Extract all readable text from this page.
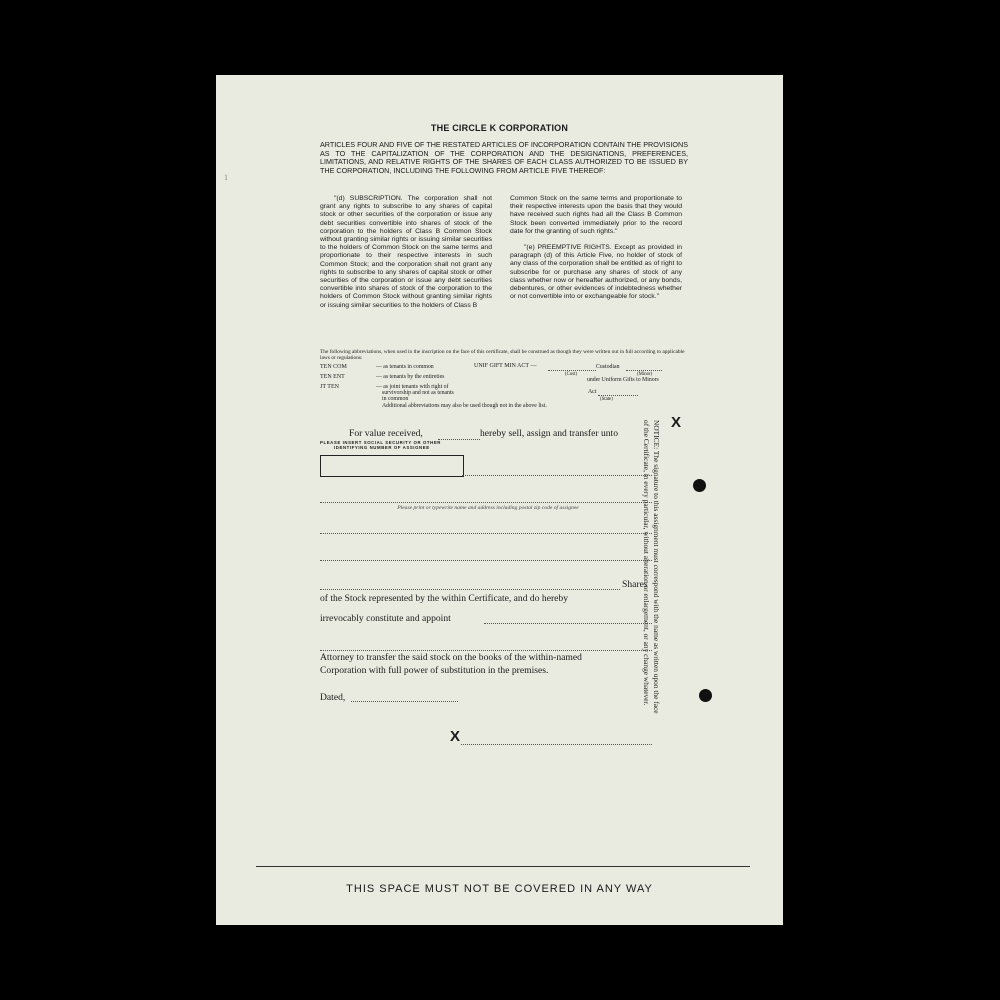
1
THE CIRCLE K CORPORATION
ARTICLES FOUR AND FIVE OF THE RESTATED ARTICLES OF INCORPORATION CONTAIN THE PROVISIONS AS TO THE CAPITALIZATION OF THE CORPORATION AND THE DESIGNATIONS, PREFERENCES, LIMITATIONS, AND RELATIVE RIGHTS OF THE SHARES OF EACH CLASS AUTHORIZED TO BE ISSUED BY THE CORPORATION, INCLUDING THE FOLLOWING FROM ARTICLE FIVE THEREOF:

"(d) SUBSCRIPTION. The corporation shall not grant any rights to subscribe to any shares of capital stock or other securities of the corporation or issue any debt securities convertible into shares of stock of the corporation to the holders of Class B Common Stock without granting similar rights or issuing similar securities to the holders of Common Stock on the same terms and proportionate to their respective interests in such Common Stock; and the corporation shall not grant any rights to subscribe to any shares of capital stock or other securities of the corporation or issue any debt securities convertible into shares of stock of the corporation to the holders of Common Stock without granting similar rights or issuing similar securities to the holders of Class B

Common Stock on the same terms and proportionate to their respective interests upon the basis that they would have received such rights had all the Class B Common Stock been converted immediately prior to the record date for the granting of such rights."

"(e) PREEMPTIVE RIGHTS. Except as provided in paragraph (d) of this Article Five, no holder of stock of any class of the corporation shall be entitled as of right to subscribe for or purchase any shares of stock of any class whether now or hereafter authorized, or any bonds, debentures, or other evidences of indebtedness whether or not convertible into or exchangeable for stock."

The following abbreviations, when used in the inscription on the face of this certificate, shall be construed as though they were written out in full according to applicable laws or regulations:
TEN COM	— as tenants in common
TEN ENT	— as tenants by the entireties
JT TEN	— as joint tenants with right of
survivorship and not as tenants
in common
Additional abbreviations may also be used though not in the above list.
UNIF GIFT MIN ACT —	Custodian
(Cust)	(Minor)
under Uniform Gifts to Minors
Act
(State)
For value received,	hereby sell, assign and transfer unto
PLEASE INSERT SOCIAL SECURITY OR OTHER
IDENTIFYING NUMBER OF ASSIGNEE
Please print or typewrite name and address including postal zip code of assignee
Shares
of the Stock represented by the within Certificate, and do hereby
irrevocably constitute and appoint
Attorney to transfer the said stock on the books of the within-named
Corporation with full power of substitution in the premises.
Dated,
X
X
NOTICE: The signature to this assignment must correspond with the name as written upon the face of the Certificate, in every particular, without alteration or enlargement, or any change whatever.
THIS SPACE MUST NOT BE COVERED IN ANY WAY
